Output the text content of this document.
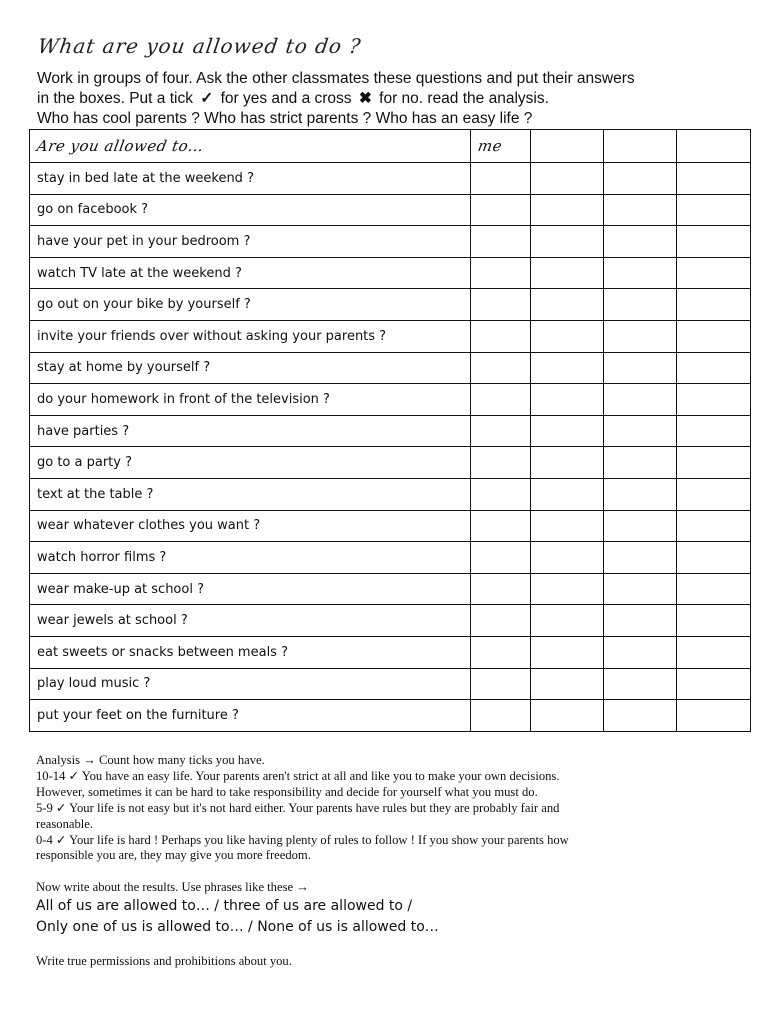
What are you allowed to do ?
Work in groups of four. Ask the other classmates these questions and put their answers
in the boxes. Put a tick ✓ for yes and a cross ✖ for no. read the analysis.
Who has cool parents ? Who has strict parents ? Who has an easy life ?
Are you allowed to…	me			
stay in bed late at the weekend ?				
go on facebook ?				
have your pet in your bedroom ?				
watch TV late at the weekend ?				
go out on your bike by yourself ?				
invite your friends over without asking your parents ?				
stay at home by yourself ?				
do your homework in front of the television ?				
have parties ?				
go to a party ?				
text at the table ?				
wear whatever clothes you want ?				
watch horror films ?				
wear make-up at school ?				
wear jewels at school ?				
eat sweets or snacks between meals ?				
play loud music ?				
put your feet on the furniture ?				
Analysis → Count how many ticks you have.
10-14 ✓ You have an easy life. Your parents aren't strict at all and like you to make your own decisions.
However, sometimes it can be hard to take responsibility and decide for yourself what you must do.
5-9 ✓ Your life is not easy but it's not hard either. Your parents have rules but they are probably fair and
reasonable.
0-4 ✓ Your life is hard ! Perhaps you like having plenty of rules to follow ! If you show your parents how
responsible you are, they may give you more freedom.
Now write about the results. Use phrases like these →
All of us are allowed to… / three of us are allowed to /
Only one of us is allowed to… / None of us is allowed to…
Write true permissions and prohibitions about you.
